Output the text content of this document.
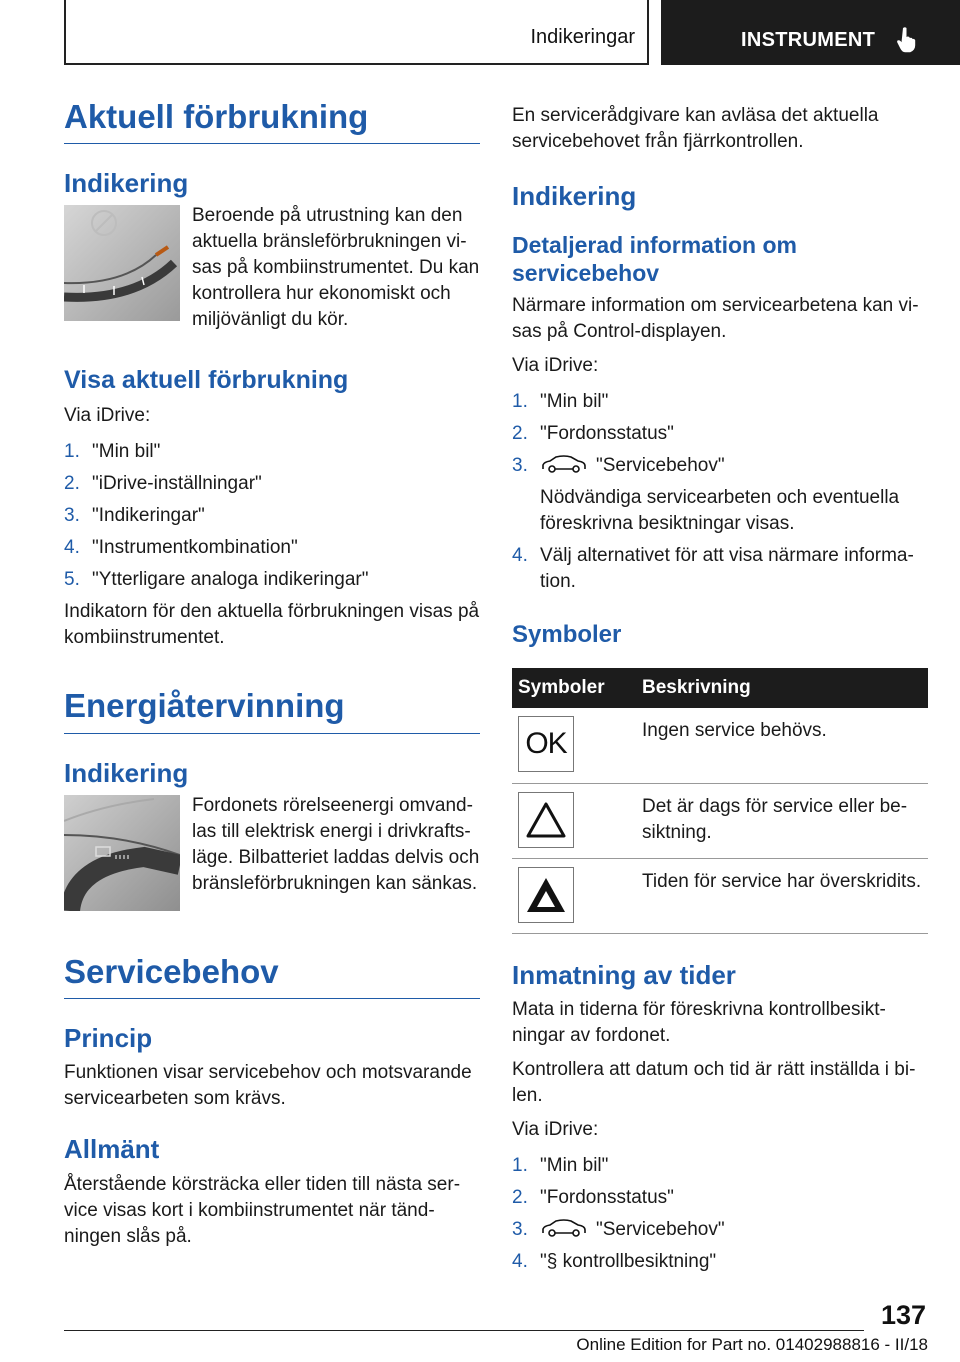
Indikeringar	INSTRUMENT
Aktuell förbrukning
Indikering
Beroende på utrustning kan den aktuella bränsleförbrukningen visas på kombiinstrumentet. Du kan kontrollera hur ekonomiskt och miljövänligt du kör.
Visa aktuell förbrukning
Via iDrive:
1. "Min bil"
2. "iDrive-inställningar"
3. "Indikeringar"
4. "Instrumentkombination"
5. "Ytterligare analoga indikeringar"
Indikatorn för den aktuella förbrukningen visas på kombiinstrumentet.
Energiåtervinning
Indikering
Fordonets rörelseenergi omvandlas till elektrisk energi i drivkraftsläge. Bilbatteriet laddas delvis och bränsleförbrukningen kan sänkas.
Servicebehov
Princip
Funktionen visar servicebehov och motsvarande servicearbeten som krävs.
Allmänt
Återstående körsträcka eller tiden till nästa service visas kort i kombiinstrumentet när tändningen slås på.
En servicerådgivare kan avläsa det aktuella servicebehovet från fjärrkontrollen.
Indikering
Detaljerad information om servicebehov
Närmare information om servicearbetena kan visas på Control-displayen.
Via iDrive:
1. "Min bil"
2. "Fordonsstatus"
3.	"Servicebehov"
Nödvändiga servicearbeten och eventuella föreskrivna besiktningar visas.
4. Välj alternativet för att visa närmare information.
Symboler
Symboler	Beskrivning

OK	Ingen service behövs.

	Det är dags för service eller besiktning.

	Tiden för service har överskridits.
Inmatning av tider
Mata in tiderna för föreskrivna kontrollbesiktningar av fordonet.
Kontrollera att datum och tid är rätt inställda i bilen.
Via iDrive:
1. "Min bil"
2. "Fordonsstatus"
3.	"Servicebehov"
4. "§ kontrollbesiktning"
137
Online Edition for Part no. 01402988816 - II/18
